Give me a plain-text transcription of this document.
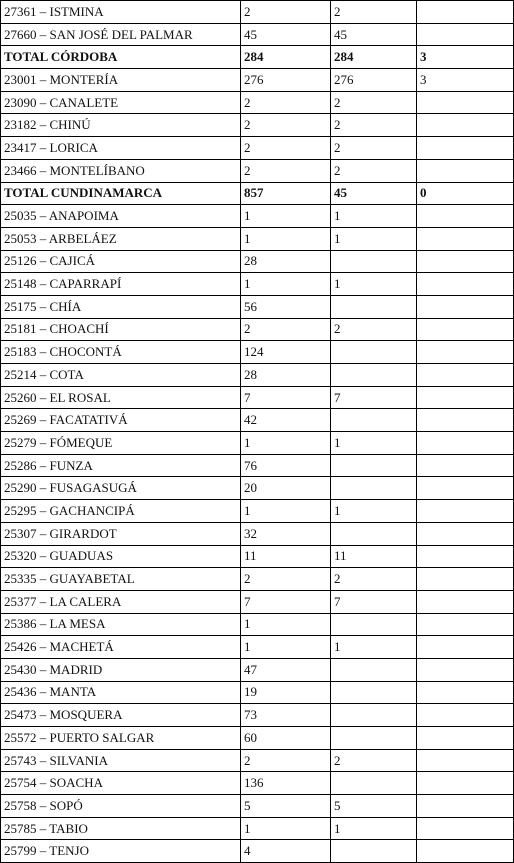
27361 – ISTMINA	2	2	
27660 – SAN JOSÉ DEL PALMAR	45	45	
TOTAL CÓRDOBA	284	284	3
23001 – MONTERÍA	276	276	3
23090 – CANALETE	2	2	
23182 – CHINÚ	2	2	
23417 – LORICA	2	2	
23466 – MONTELÍBANO	2	2	
TOTAL CUNDINAMARCA	857	45	0
25035 – ANAPOIMA	1	1	
25053 – ARBELÁEZ	1	1	
25126 – CAJICÁ	28		
25148 – CAPARRAPÍ	1	1	
25175 – CHÍA	56		
25181 – CHOACHÍ	2	2	
25183 – CHOCONTÁ	124		
25214 – COTA	28		
25260 – EL ROSAL	7	7	
25269 – FACATATIVÁ	42		
25279 – FÓMEQUE	1	1	
25286 – FUNZA	76		
25290 – FUSAGASUGÁ	20		
25295 – GACHANCIPÁ	1	1	
25307 – GIRARDOT	32		
25320 – GUADUAS	11	11	
25335 – GUAYABETAL	2	2	
25377 – LA CALERA	7	7	
25386 – LA MESA	1		
25426 – MACHETÁ	1	1	
25430 – MADRID	47		
25436 – MANTA	19		
25473 – MOSQUERA	73		
25572 – PUERTO SALGAR	60		
25743 – SILVANIA	2	2	
25754 – SOACHA	136		
25758 – SOPÓ	5	5	
25785 – TABIO	1	1	
25799 – TENJO	4		
